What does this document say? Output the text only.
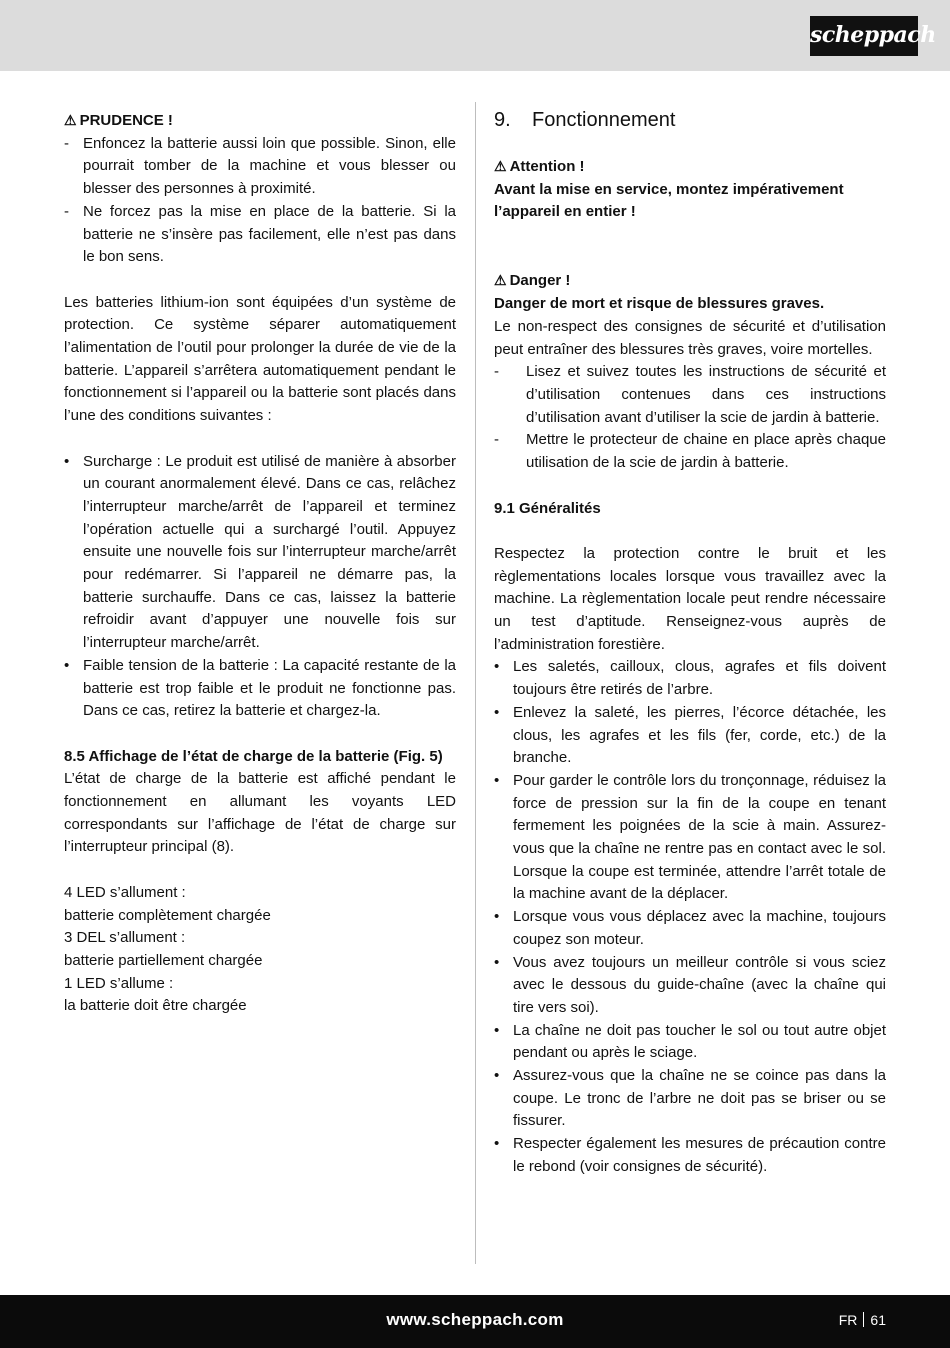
scheppach

⚠ PRUDENCE !

- Enfoncez la batterie aussi loin que possible. Sinon, elle pourrait tomber de la machine et vous blesser ou blesser des personnes à proximité.
- Ne forcez pas la mise en place de la batterie. Si la batterie ne s’insère pas facilement, elle n’est pas dans le bon sens.

Les batteries lithium-ion sont équipées d’un système de protection. Ce système séparer automatiquement l’alimentation de l’outil pour prolonger la durée de vie de la batterie. L’appareil s’arrêtera automatiquement pendant le fonctionnement si l’appareil ou la batterie sont placés dans l’une des conditions suivantes :

• Surcharge : Le produit est utilisé de manière à absorber un courant anormalement élevé. Dans ce cas, relâchez l’interrupteur marche/arrêt de l’appareil et terminez l’opération actuelle qui a surchargé l’outil. Appuyez ensuite une nouvelle fois sur l’interrupteur marche/arrêt pour redémarrer. Si l’appareil ne démarre pas, la batterie surchauffe. Dans ce cas, laissez la batterie refroidir avant d’appuyer une nouvelle fois sur l’interrupteur marche/arrêt.
• Faible tension de la batterie : La capacité restante de la batterie est trop faible et le produit ne fonctionne pas. Dans ce cas, retirez la batterie et chargez-la.

8.5 Affichage de l’état de charge de la batterie (Fig. 5)

L’état de charge de la batterie est affiché pendant le fonctionnement en allumant les voyants LED correspondants sur l’affichage de l’état de charge sur l’interrupteur principal (8).

4 LED s’allument :
batterie complètement chargée
3 DEL s’allument :
batterie partiellement chargée
1 LED s’allume :
la batterie doit être chargée
9. Fonctionnement

⚠ Attention !

Avant la mise en service, montez impérativement l’appareil en entier !

⚠ Danger !

Danger de mort et risque de blessures graves.

Le non-respect des consignes de sécurité et d’utilisation peut entraîner des blessures très graves, voire mortelles.

- Lisez et suivez toutes les instructions de sécurité et d’utilisation contenues dans ces instructions d’utilisation avant d’utiliser la scie de jardin à batterie.
- Mettre le protecteur de chaine en place après chaque utilisation de la scie de jardin à batterie.

9.1 Généralités

Respectez la protection contre le bruit et les règlementations locales lorsque vous travaillez avec la machine. La règlementation locale peut rendre nécessaire un test d’aptitude. Renseignez-vous auprès de l’administration forestière.

• Les saletés, cailloux, clous, agrafes et fils doivent toujours être retirés de l’arbre.
• Enlevez la saleté, les pierres, l’écorce détachée, les clous, les agrafes et les fils (fer, corde, etc.) de la branche.
• Pour garder le contrôle lors du tronçonnage, réduisez la force de pression sur la fin de la coupe en tenant fermement les poignées de la scie à main. Assurez-vous que la chaîne ne rentre pas en contact avec le sol. Lorsque la coupe est terminée, attendre l’arrêt totale de la machine avant de la déplacer.
• Lorsque vous vous déplacez avec la machine, toujours coupez son moteur.
• Vous avez toujours un meilleur contrôle si vous sciez avec le dessous du guide-chaîne (avec la chaîne qui tire vers soi).
• La chaîne ne doit pas toucher le sol ou tout autre objet pendant ou après le sciage.
• Assurez-vous que la chaîne ne se coince pas dans la coupe. Le tronc de l’arbre ne doit pas se briser ou se fissurer.
• Respecter également les mesures de précaution contre le rebond (voir consignes de sécurité).
www.scheppach.com	FR 61
